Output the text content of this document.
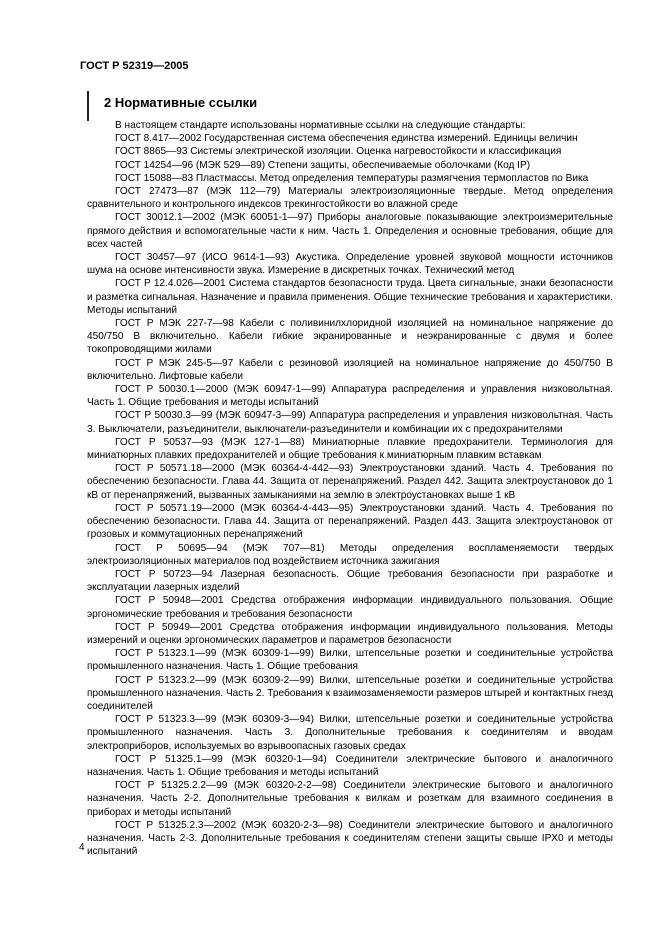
ГОСТ Р 52319—2005
2 Нормативные ссылки

В настоящем стандарте использованы нормативные ссылки на следующие стандарты:

ГОСТ 8.417—2002 Государственная система обеспечения единства измерений. Единицы величин

ГОСТ 8865—93 Системы электрической изоляции. Оценка нагревостойкости и классификация

ГОСТ 14254—96 (МЭК 529—89) Степени защиты, обеспечиваемые оболочками (Код IP)

ГОСТ 15088—83 Пластмассы. Метод определения температуры размягчения термопластов по Вика

ГОСТ 27473—87 (МЭК 112—79) Материалы электроизоляционные твердые. Метод определения сравнительного и контрольного индексов трекингостойкости во влажной среде

ГОСТ 30012.1—2002 (МЭК 60051-1—97) Приборы аналоговые показывающие электроизмерительные прямого действия и вспомогательные части к ним. Часть 1. Определения и основные требования, общие для всех частей

ГОСТ 30457—97 (ИСО 9614-1—93) Акустика. Определение уровней звуковой мощности источников шума на основе интенсивности звука. Измерение в дискретных точках. Технический метод

ГОСТ Р 12.4.026—2001 Система стандартов безопасности труда. Цвета сигнальные, знаки безопасности и разметка сигнальная. Назначение и правила применения. Общие технические требования и характеристики. Методы испытаний

ГОСТ Р МЭК 227-7—98 Кабели с поливинилхлоридной изоляцией на номинальное напряжение до 450/750 В включительно. Кабели гибкие экранированные и неэкранированные с двумя и более токопроводящими жилами

ГОСТ Р МЭК 245-5—97 Кабели с резиновой изоляцией на номинальное напряжение до 450/750 В включительно. Лифтовые кабели

ГОСТ Р 50030.1—2000 (МЭК 60947-1—99) Аппаратура распределения и управления низковольтная. Часть 1. Общие требования и методы испытаний

ГОСТ Р 50030.3—99 (МЭК 60947-3—99) Аппаратура распределения и управления низковольтная. Часть 3. Выключатели, разъединители, выключатели-разъединители и комбинации их с предохранителями

ГОСТ Р 50537—93 (МЭК 127-1—88) Миниатюрные плавкие предохранители. Терминология для миниатюрных плавких предохранителей и общие требования к миниатюрным плавким вставкам

ГОСТ Р 50571.18—2000 (МЭК 60364-4-442—93) Электроустановки зданий. Часть 4. Требования по обеспечению безопасности. Глава 44. Защита от перенапряжений. Раздел 442. Защита электроустановок до 1 кВ от перенапряжений, вызванных замыканиями на землю в электроустановках выше 1 кВ

ГОСТ Р 50571.19—2000 (МЭК 60364-4-443—95) Электроустановки зданий. Часть 4. Требования по обеспечению безопасности. Глава 44. Защита от перенапряжений. Раздел 443. Защита электроустановок от грозовых и коммутационных перенапряжений

ГОСТ Р 50695—94 (МЭК 707—81) Методы определения воспламеняемости твердых электроизоляционных материалов под воздействием источника зажигания

ГОСТ Р 50723—94 Лазерная безопасность. Общие требования безопасности при разработке и эксплуатации лазерных изделий

ГОСТ Р 50948—2001 Средства отображения информации индивидуального пользования. Общие эргономические требования и требования безопасности

ГОСТ Р 50949—2001 Средства отображения информации индивидуального пользования. Методы измерений и оценки эргономических параметров и параметров безопасности

ГОСТ Р 51323.1—99 (МЭК 60309-1—99) Вилки, штепсельные розетки и соединительные устройства промышленного назначения. Часть 1. Общие требования

ГОСТ Р 51323.2—99 (МЭК 60309-2—99) Вилки, штепсельные розетки и соединительные устройства промышленного назначения. Часть 2. Требования к взаимозаменяемости размеров штырей и контактных гнезд соединителей

ГОСТ Р 51323.3—99 (МЭК 60309-3—94) Вилки, штепсельные розетки и соединительные устройства промышленного назначения. Часть 3. Дополнительные требования к соединителям и вводам электроприборов, используемых во взрывоопасных газовых средах

ГОСТ Р 51325.1—99 (МЭК 60320-1—94) Соединители электрические бытового и аналогичного назначения. Часть 1. Общие требования и методы испытаний

ГОСТ Р 51325.2.2—99 (МЭК 60320-2-2—98) Соединители электрические бытового и аналогичного назначения. Часть 2-2. Дополнительные требования к вилкам и розеткам для взаимного соединения в приборах и методы испытаний

ГОСТ Р 51325.2.3—2002 (МЭК 60320-2-3—98) Соединители электрические бытового и аналогичного назначения. Часть 2-3. Дополнительные требования к соединителям степени защиты свыше IPX0 и методы испытаний

4
